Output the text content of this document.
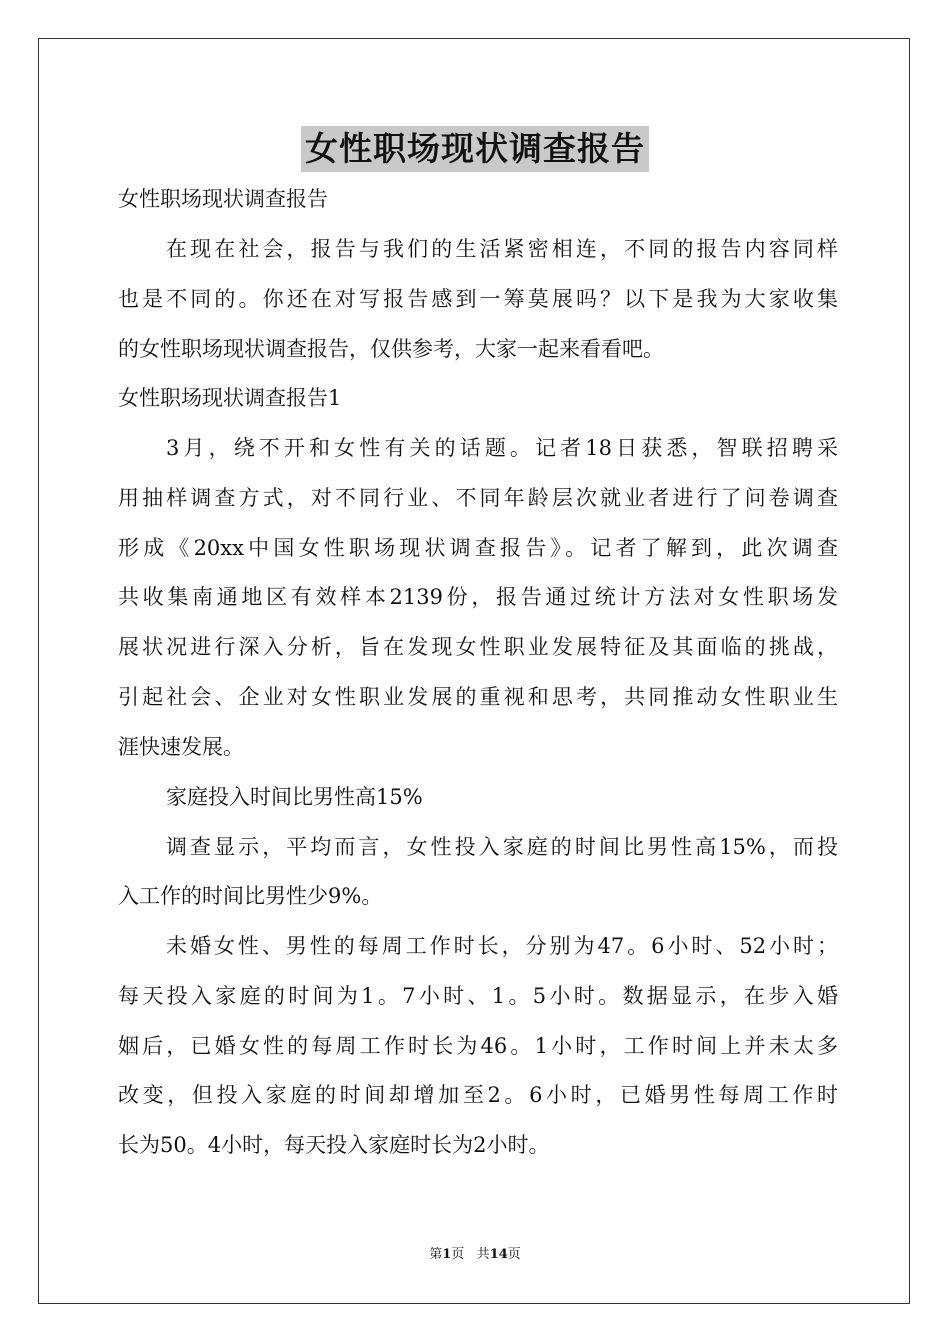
女性职场现状调查报告
女性职场现状调查报告
在现在社会，报告与我们的生活紧密相连，不同的报告内容同样
也是不同的。你还在对写报告感到一筹莫展吗？以下是我为大家收集
的女性职场现状调查报告，仅供参考，大家一起来看看吧。
女性职场现状调查报告1
3月，绕不开和女性有关的话题。记者18日获悉，智联招聘采
用抽样调查方式，对不同行业、不同年龄层次就业者进行了问卷调查
形成《20xx中国女性职场现状调查报告》。记者了解到，此次调查
共收集南通地区有效样本2139份，报告通过统计方法对女性职场发
展状况进行深入分析，旨在发现女性职业发展特征及其面临的挑战，
引起社会、企业对女性职业发展的重视和思考，共同推动女性职业生
涯快速发展。
家庭投入时间比男性高15%
调查显示，平均而言，女性投入家庭的时间比男性高15%，而投
入工作的时间比男性少9%。
未婚女性、男性的每周工作时长，分别为47。6小时、52小时；
每天投入家庭的时间为1。7小时、1。5小时。数据显示，在步入婚
姻后，已婚女性的每周工作时长为46。1小时，工作时间上并未太多
改变，但投入家庭的时间却增加至2。6小时，已婚男性每周工作时
长为50。4小时，每天投入家庭时长为2小时。
第1页 共14页
